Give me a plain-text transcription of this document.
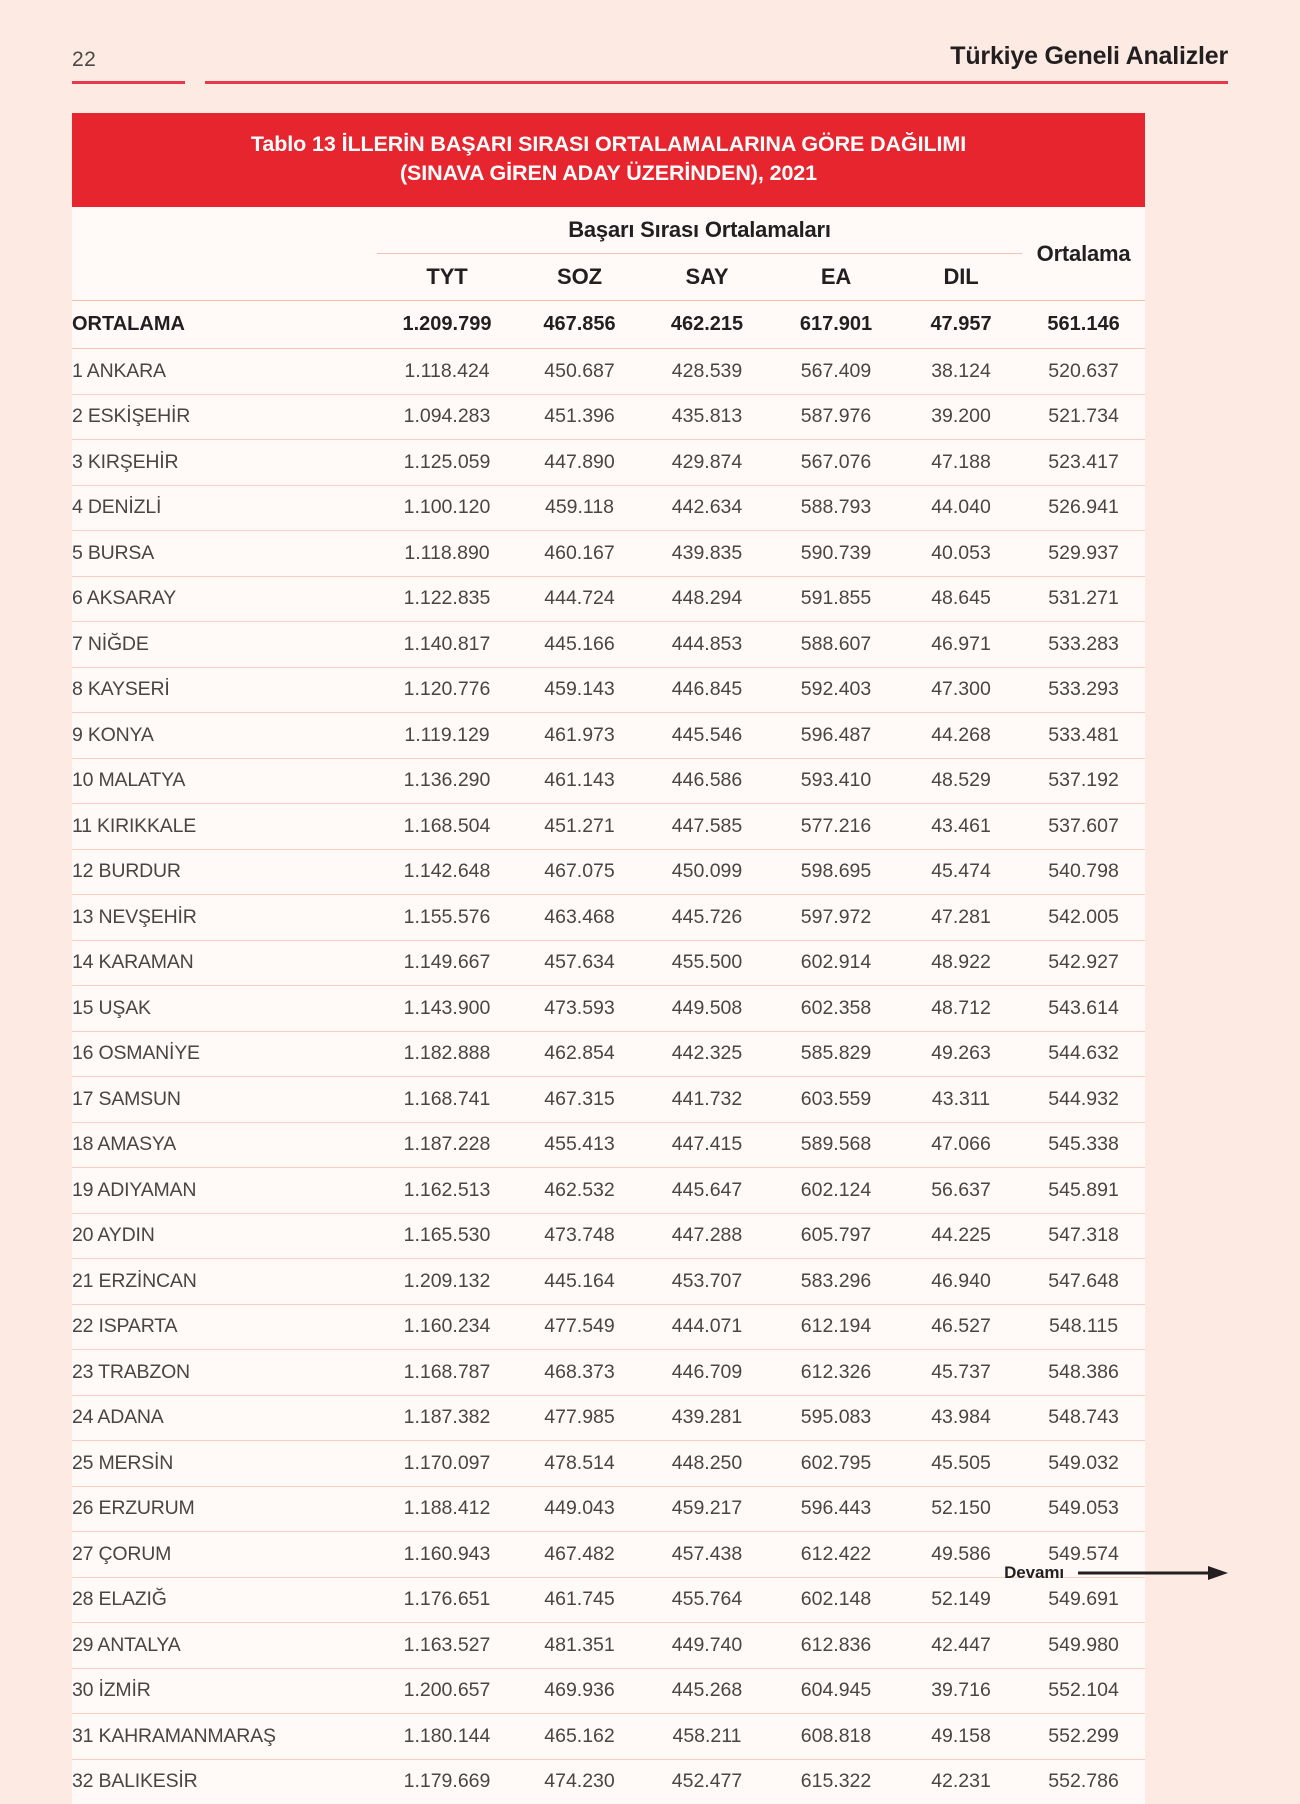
22	Türkiye Geneli Analizler
Tablo 13 İLLERİN BAŞARI SIRASI ORTALAMALARINA GÖRE DAĞILIMI
(SINAVA GİREN ADAY ÜZERİNDEN), 2021
	Başarı Sırası Ortalamaları					Ortalama
	TYT	SOZ	SAY	EA	DIL	
ORTALAMA	1.209.799	467.856	462.215	617.901	47.957	561.146
1 ANKARA	1.118.424	450.687	428.539	567.409	38.124	520.637
2 ESKİŞEHİR	1.094.283	451.396	435.813	587.976	39.200	521.734
3 KIRŞEHİR	1.125.059	447.890	429.874	567.076	47.188	523.417
4 DENİZLİ	1.100.120	459.118	442.634	588.793	44.040	526.941
5 BURSA	1.118.890	460.167	439.835	590.739	40.053	529.937
6 AKSARAY	1.122.835	444.724	448.294	591.855	48.645	531.271
7 NİĞDE	1.140.817	445.166	444.853	588.607	46.971	533.283
8 KAYSERİ	1.120.776	459.143	446.845	592.403	47.300	533.293
9 KONYA	1.119.129	461.973	445.546	596.487	44.268	533.481
10 MALATYA	1.136.290	461.143	446.586	593.410	48.529	537.192
11 KIRIKKALE	1.168.504	451.271	447.585	577.216	43.461	537.607
12 BURDUR	1.142.648	467.075	450.099	598.695	45.474	540.798
13 NEVŞEHİR	1.155.576	463.468	445.726	597.972	47.281	542.005
14 KARAMAN	1.149.667	457.634	455.500	602.914	48.922	542.927
15 UŞAK	1.143.900	473.593	449.508	602.358	48.712	543.614
16 OSMANİYE	1.182.888	462.854	442.325	585.829	49.263	544.632
17 SAMSUN	1.168.741	467.315	441.732	603.559	43.311	544.932
18 AMASYA	1.187.228	455.413	447.415	589.568	47.066	545.338
19 ADIYAMAN	1.162.513	462.532	445.647	602.124	56.637	545.891
20 AYDIN	1.165.530	473.748	447.288	605.797	44.225	547.318
21 ERZİNCAN	1.209.132	445.164	453.707	583.296	46.940	547.648
22 ISPARTA	1.160.234	477.549	444.071	612.194	46.527	548.115
23 TRABZON	1.168.787	468.373	446.709	612.326	45.737	548.386
24 ADANA	1.187.382	477.985	439.281	595.083	43.984	548.743
25 MERSİN	1.170.097	478.514	448.250	602.795	45.505	549.032
26 ERZURUM	1.188.412	449.043	459.217	596.443	52.150	549.053
27 ÇORUM	1.160.943	467.482	457.438	612.422	49.586	549.574
28 ELAZIĞ	1.176.651	461.745	455.764	602.148	52.149	549.691
29 ANTALYA	1.163.527	481.351	449.740	612.836	42.447	549.980
30 İZMİR	1.200.657	469.936	445.268	604.945	39.716	552.104
31 KAHRAMANMARAŞ	1.180.144	465.162	458.211	608.818	49.158	552.299
32 BALIKESİR	1.179.669	474.230	452.477	615.322	42.231	552.786
Devamı
